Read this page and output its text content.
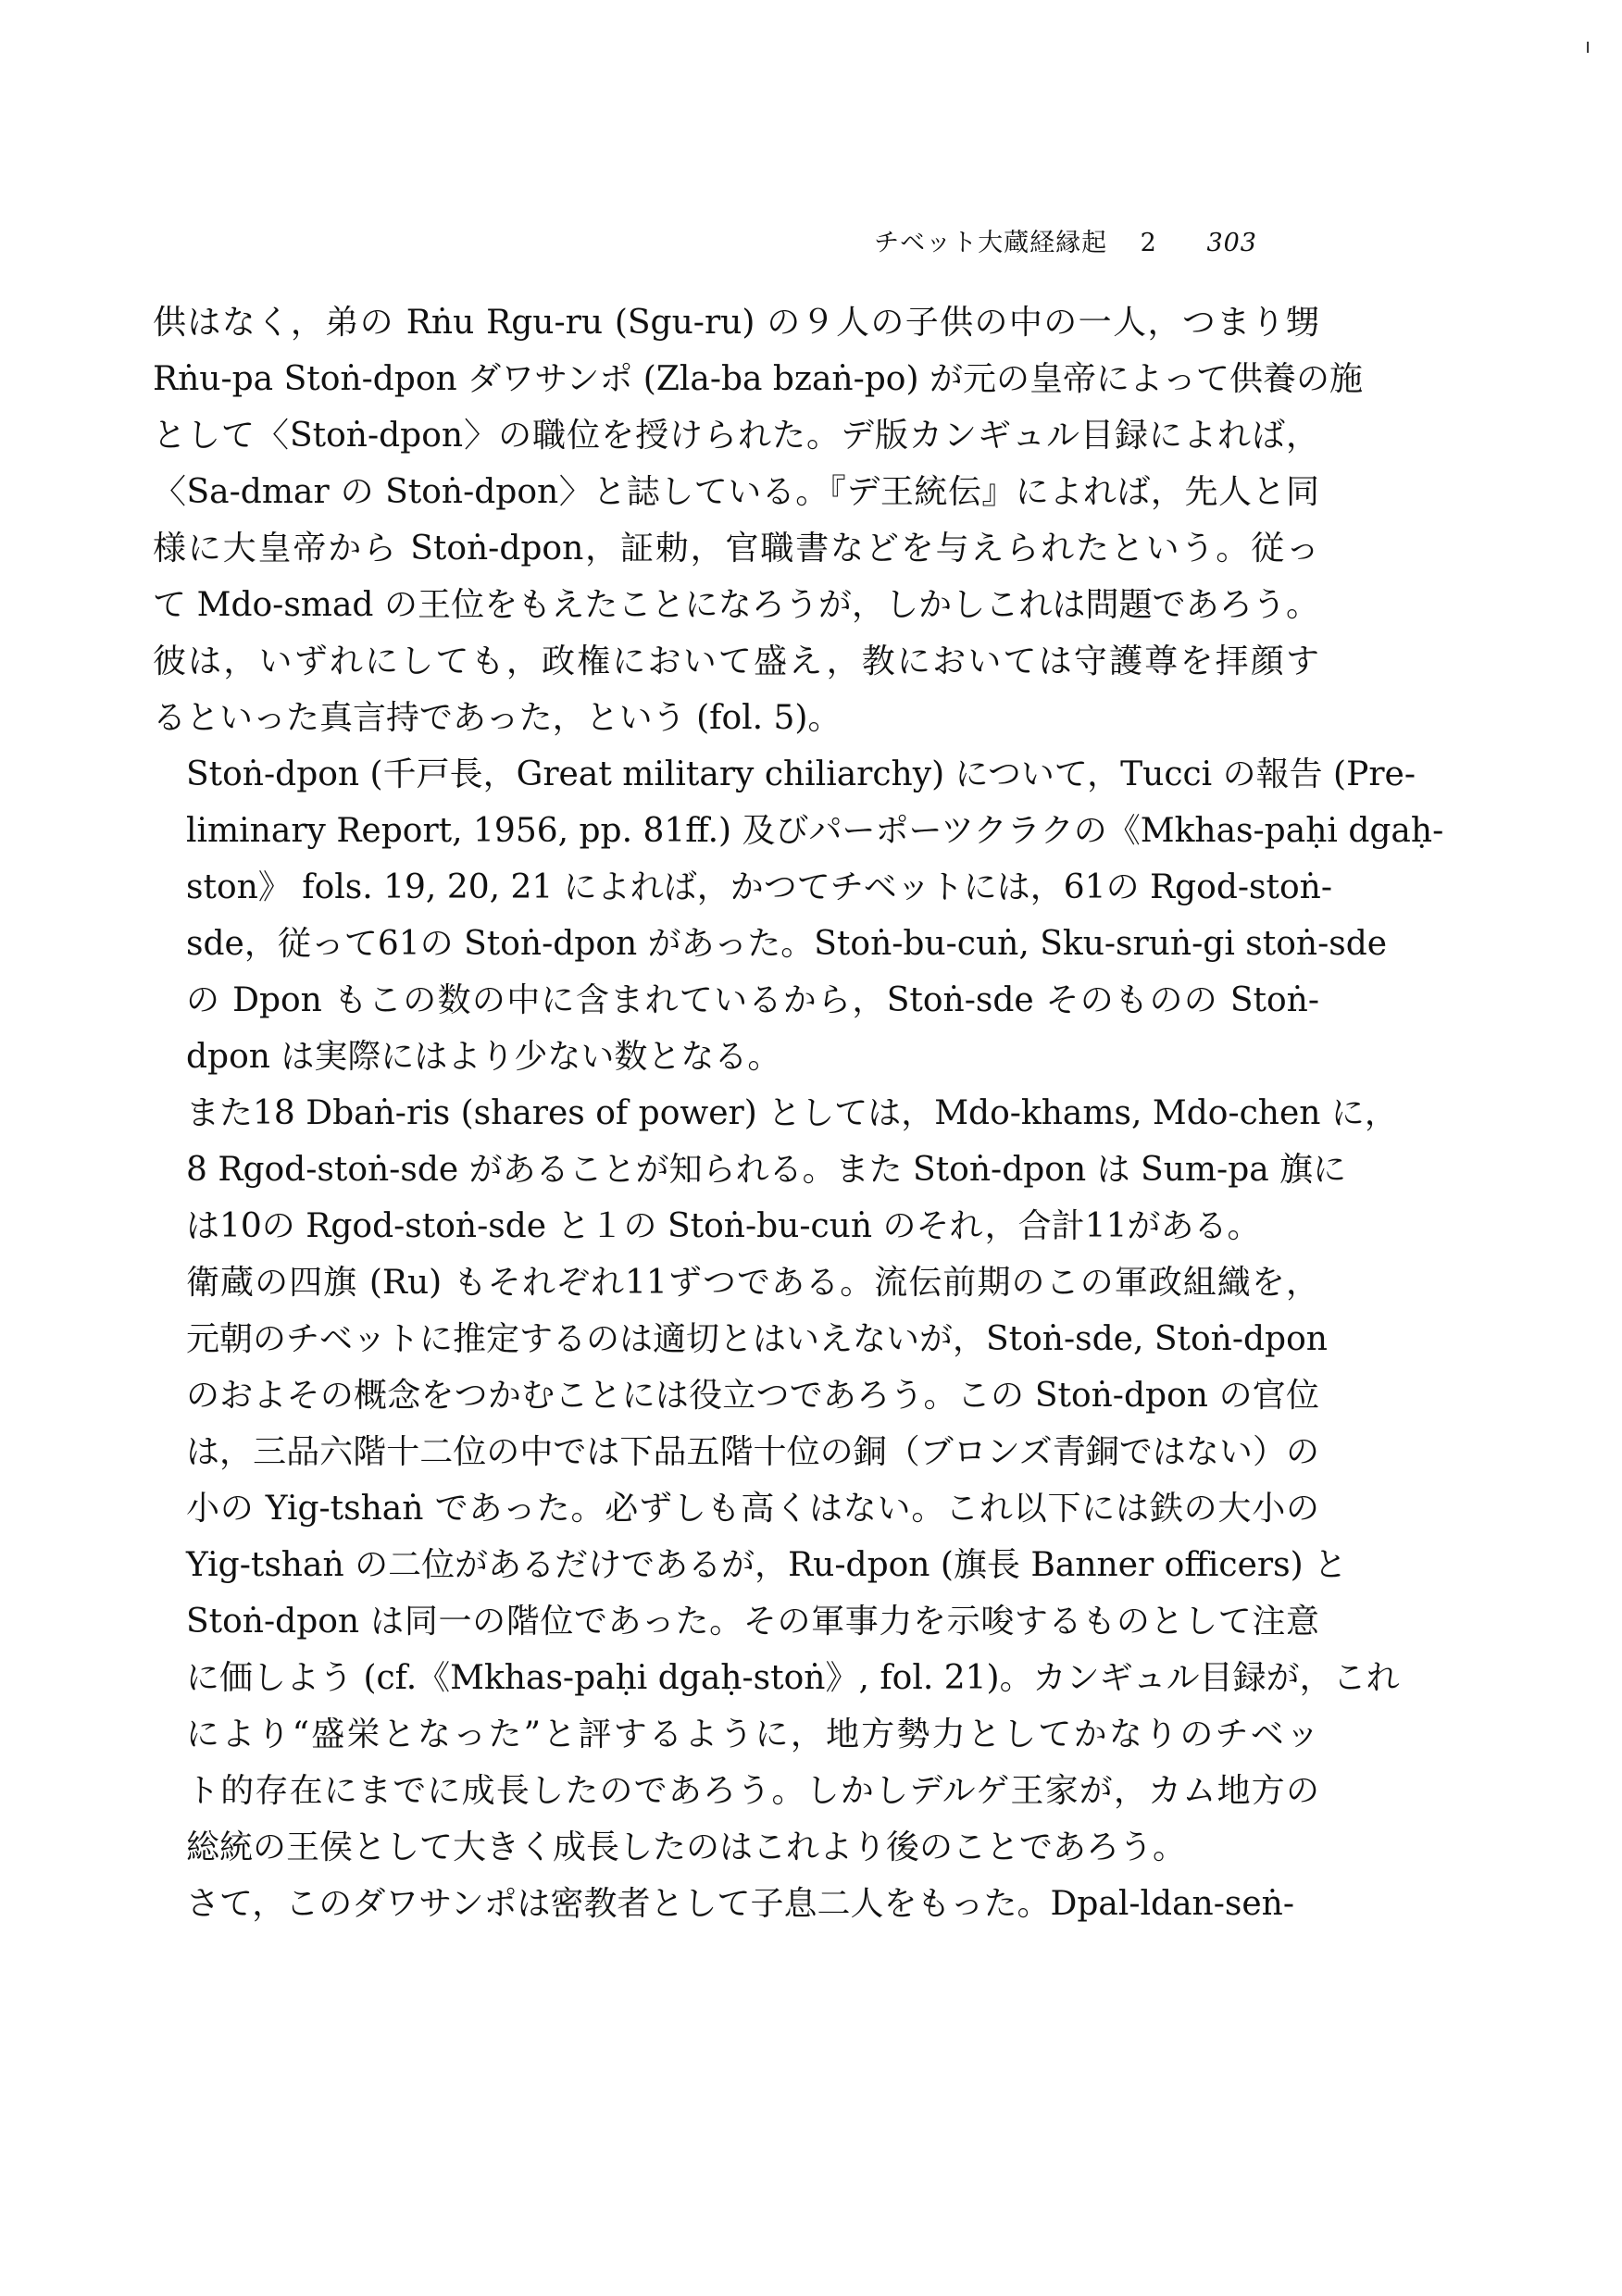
ı
チベット大蔵経縁起 2 303

供はなく，弟の Rṅu Rgu-ru (Sgu-ru) の９人の子供の中の一人，つまり甥
Rṅu-pa Stoṅ-dpon ダワサンポ (Zla-ba bzaṅ-po) が元の皇帝によって供養の施
として〈Stoṅ-dpon〉の職位を授けられた。デ版カンギュル目録によれば，
〈Sa-dmar の Stoṅ-dpon〉と誌している。『デ王統伝』によれば，先人と同
様に大皇帝から Stoṅ-dpon，証勅，官職書などを与えられたという。従っ
て Mdo-smad の王位をもえたことになろうが，しかしこれは問題であろう。
彼は，いずれにしても，政権において盛え，教においては守護尊を拝顔す
るといった真言持であった，という (fol. 5)。

Stoṅ-dpon (千戸長，Great military chiliarchy) について，Tucci の報告 (Pre-
liminary Report, 1956, pp. 81ff.) 及びパーポーツクラクの《Mkhas-paḥi dgaḥ-
ston》 fols. 19, 20, 21 によれば，かつてチベットには，61の Rgod-stoṅ-
sde，従って61の Stoṅ-dpon があった。Stoṅ-bu-cuṅ, Sku-sruṅ-gi stoṅ-sde
の Dpon もこの数の中に含まれているから，Stoṅ-sde そのものの Stoṅ-
dpon は実際にはより少ない数となる。

また18 Dbaṅ-ris (shares of power) としては，Mdo-khams, Mdo-chen に，
8 Rgod-stoṅ-sde があることが知られる。また Stoṅ-dpon は Sum-pa 旗に
は10の Rgod-stoṅ-sde と１の Stoṅ-bu-cuṅ のそれ，合計11がある。

衛蔵の四旗 (Ru) もそれぞれ11ずつである。流伝前期のこの軍政組織を，
元朝のチベットに推定するのは適切とはいえないが，Stoṅ-sde, Stoṅ-dpon
のおよその概念をつかむことには役立つであろう。この Stoṅ-dpon の官位
は，三品六階十二位の中では下品五階十位の銅（ブロンズ青銅ではない）の
小の Yig-tshaṅ であった。必ずしも高くはない。これ以下には鉄の大小の
Yig-tshaṅ の二位があるだけであるが，Ru-dpon (旗長 Banner officers) と
Stoṅ-dpon は同一の階位であった。その軍事力を示唆するものとして注意
に価しよう (cf.《Mkhas-paḥi dgaḥ-stoṅ》, fol. 21)。カンギュル目録が，これ
により“盛栄となった”と評するように，地方勢力としてかなりのチベッ
ト的存在にまでに成長したのであろう。しかしデルゲ王家が，カム地方の
総統の王侯として大きく成長したのはこれより後のことであろう。

さて，このダワサンポは密教者として子息二人をもった。Dpal-ldan-seṅ-
